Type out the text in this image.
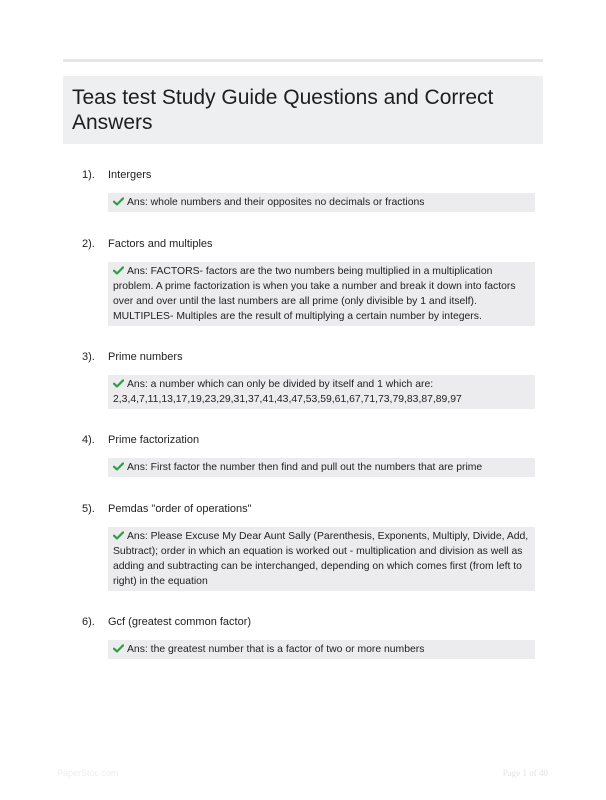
Teas test Study Guide Questions and Correct Answers
1). Intergers
Ans: whole numbers and their opposites no decimals or fractions
2). Factors and multiples
Ans: FACTORS- factors are the two numbers being multiplied in a multiplication problem. A prime factorization is when you take a number and break it down into factors over and over until the last numbers are all prime (only divisible by 1 and itself). MULTIPLES- Multiples are the result of multiplying a certain number by integers.
3). Prime numbers
Ans: a number which can only be divided by itself and 1 which are: 2,3,4,7,11,13,17,19,23,29,31,37,41,43,47,53,59,61,67,71,73,79,83,87,89,97
4). Prime factorization
Ans: First factor the number then find and pull out the numbers that are prime
5). Pemdas "order of operations"
Ans: Please Excuse My Dear Aunt Sally (Parenthesis, Exponents, Multiply, Divide, Add, Subtract); order in which an equation is worked out - multiplication and division as well as adding and subtracting can be interchanged, depending on which comes first (from left to right) in the equation
6). Gcf (greatest common factor)
Ans: the greatest number that is a factor of two or more numbers
PaperStoc.com	Page 1 of 40
